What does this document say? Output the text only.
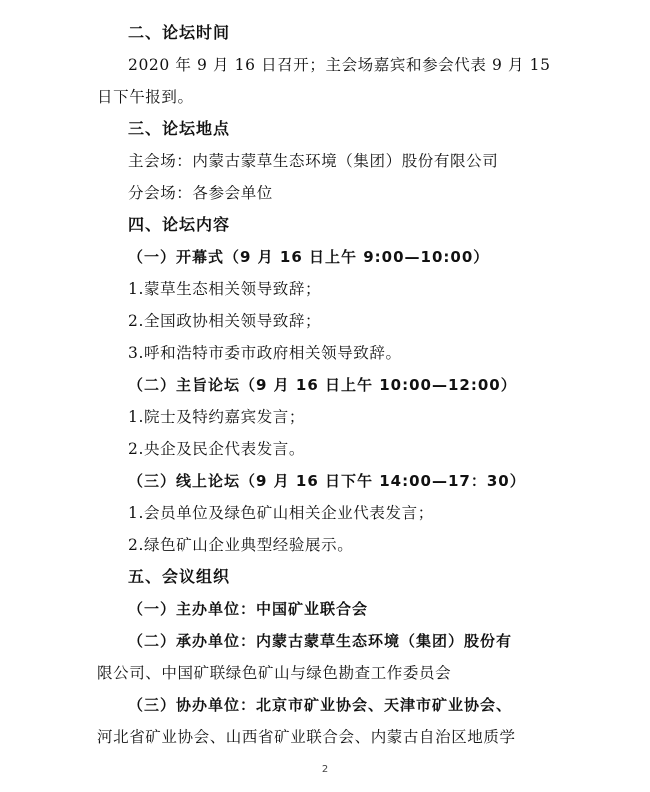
二、论坛时间
2020 年 9 月 16 日召开；主会场嘉宾和参会代表 9 月 15
日下午报到。
三、论坛地点
主会场：内蒙古蒙草生态环境（集团）股份有限公司
分会场：各参会单位
四、论坛内容
（一）开幕式（9 月 16 日上午 9:00—10:00）
1.蒙草生态相关领导致辞；
2.全国政协相关领导致辞；
3.呼和浩特市委市政府相关领导致辞。
（二）主旨论坛（9 月 16 日上午 10:00—12:00）
1.院士及特约嘉宾发言；
2.央企及民企代表发言。
（三）线上论坛（9 月 16 日下午 14:00—17：30）
1.会员单位及绿色矿山相关企业代表发言；
2.绿色矿山企业典型经验展示。
五、会议组织
（一）主办单位：中国矿业联合会
（二）承办单位：内蒙古蒙草生态环境（集团）股份有
限公司、中国矿联绿色矿山与绿色勘查工作委员会
（三）协办单位：北京市矿业协会、天津市矿业协会、
河北省矿业协会、山西省矿业联合会、内蒙古自治区地质学
2
